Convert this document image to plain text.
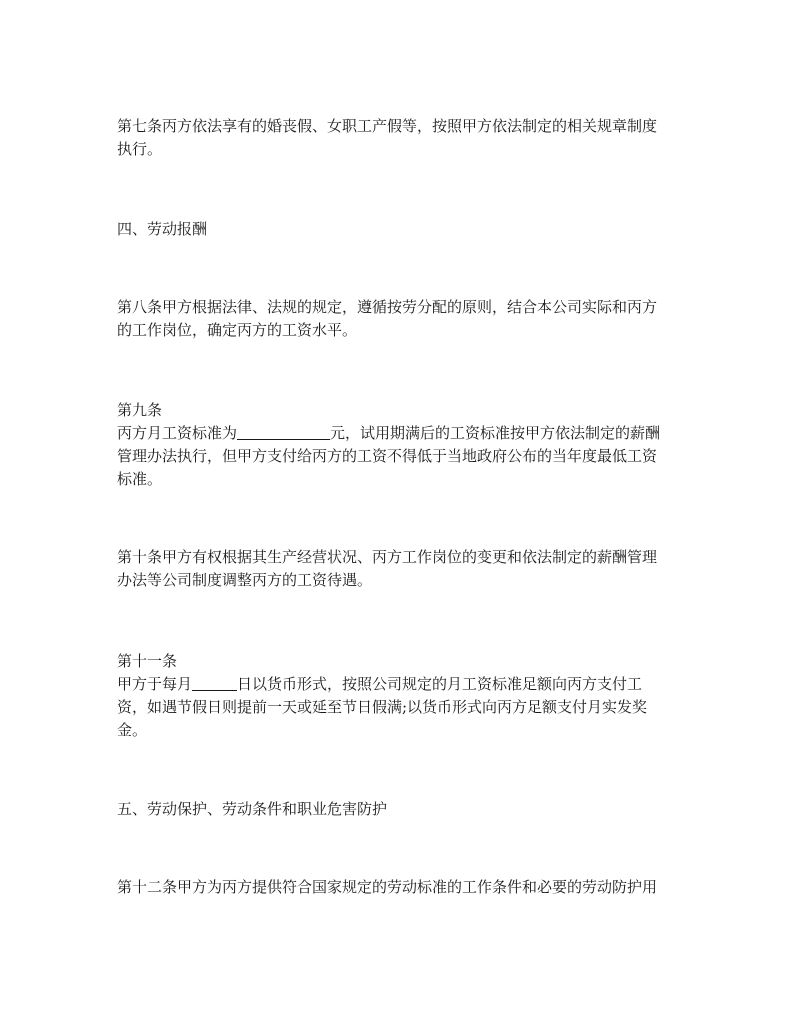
第七条丙方依法享有的婚丧假、女职工产假等，按照甲方依法制定的相关规章制度
执行。

四、劳动报酬

第八条甲方根据法律、法规的规定，遵循按劳分配的原则，结合本公司实际和丙方
的工作岗位，确定丙方的工资水平。

第九条
丙方月工资标准为	元，试用期满后的工资标准按甲方依法制定的薪酬
管理办法执行，但甲方支付给丙方的工资不得低于当地政府公布的当年度最低工资
标准。

第十条甲方有权根据其生产经营状况、丙方工作岗位的变更和依法制定的薪酬管理
办法等公司制度调整丙方的工资待遇。

第十一条
甲方于每月	日以货币形式，按照公司规定的月工资标准足额向丙方支付工
资，如遇节假日则提前一天或延至节日假满;以货币形式向丙方足额支付月实发奖
金。

五、劳动保护、劳动条件和职业危害防护

第十二条甲方为丙方提供符合国家规定的劳动标准的工作条件和必要的劳动防护用
